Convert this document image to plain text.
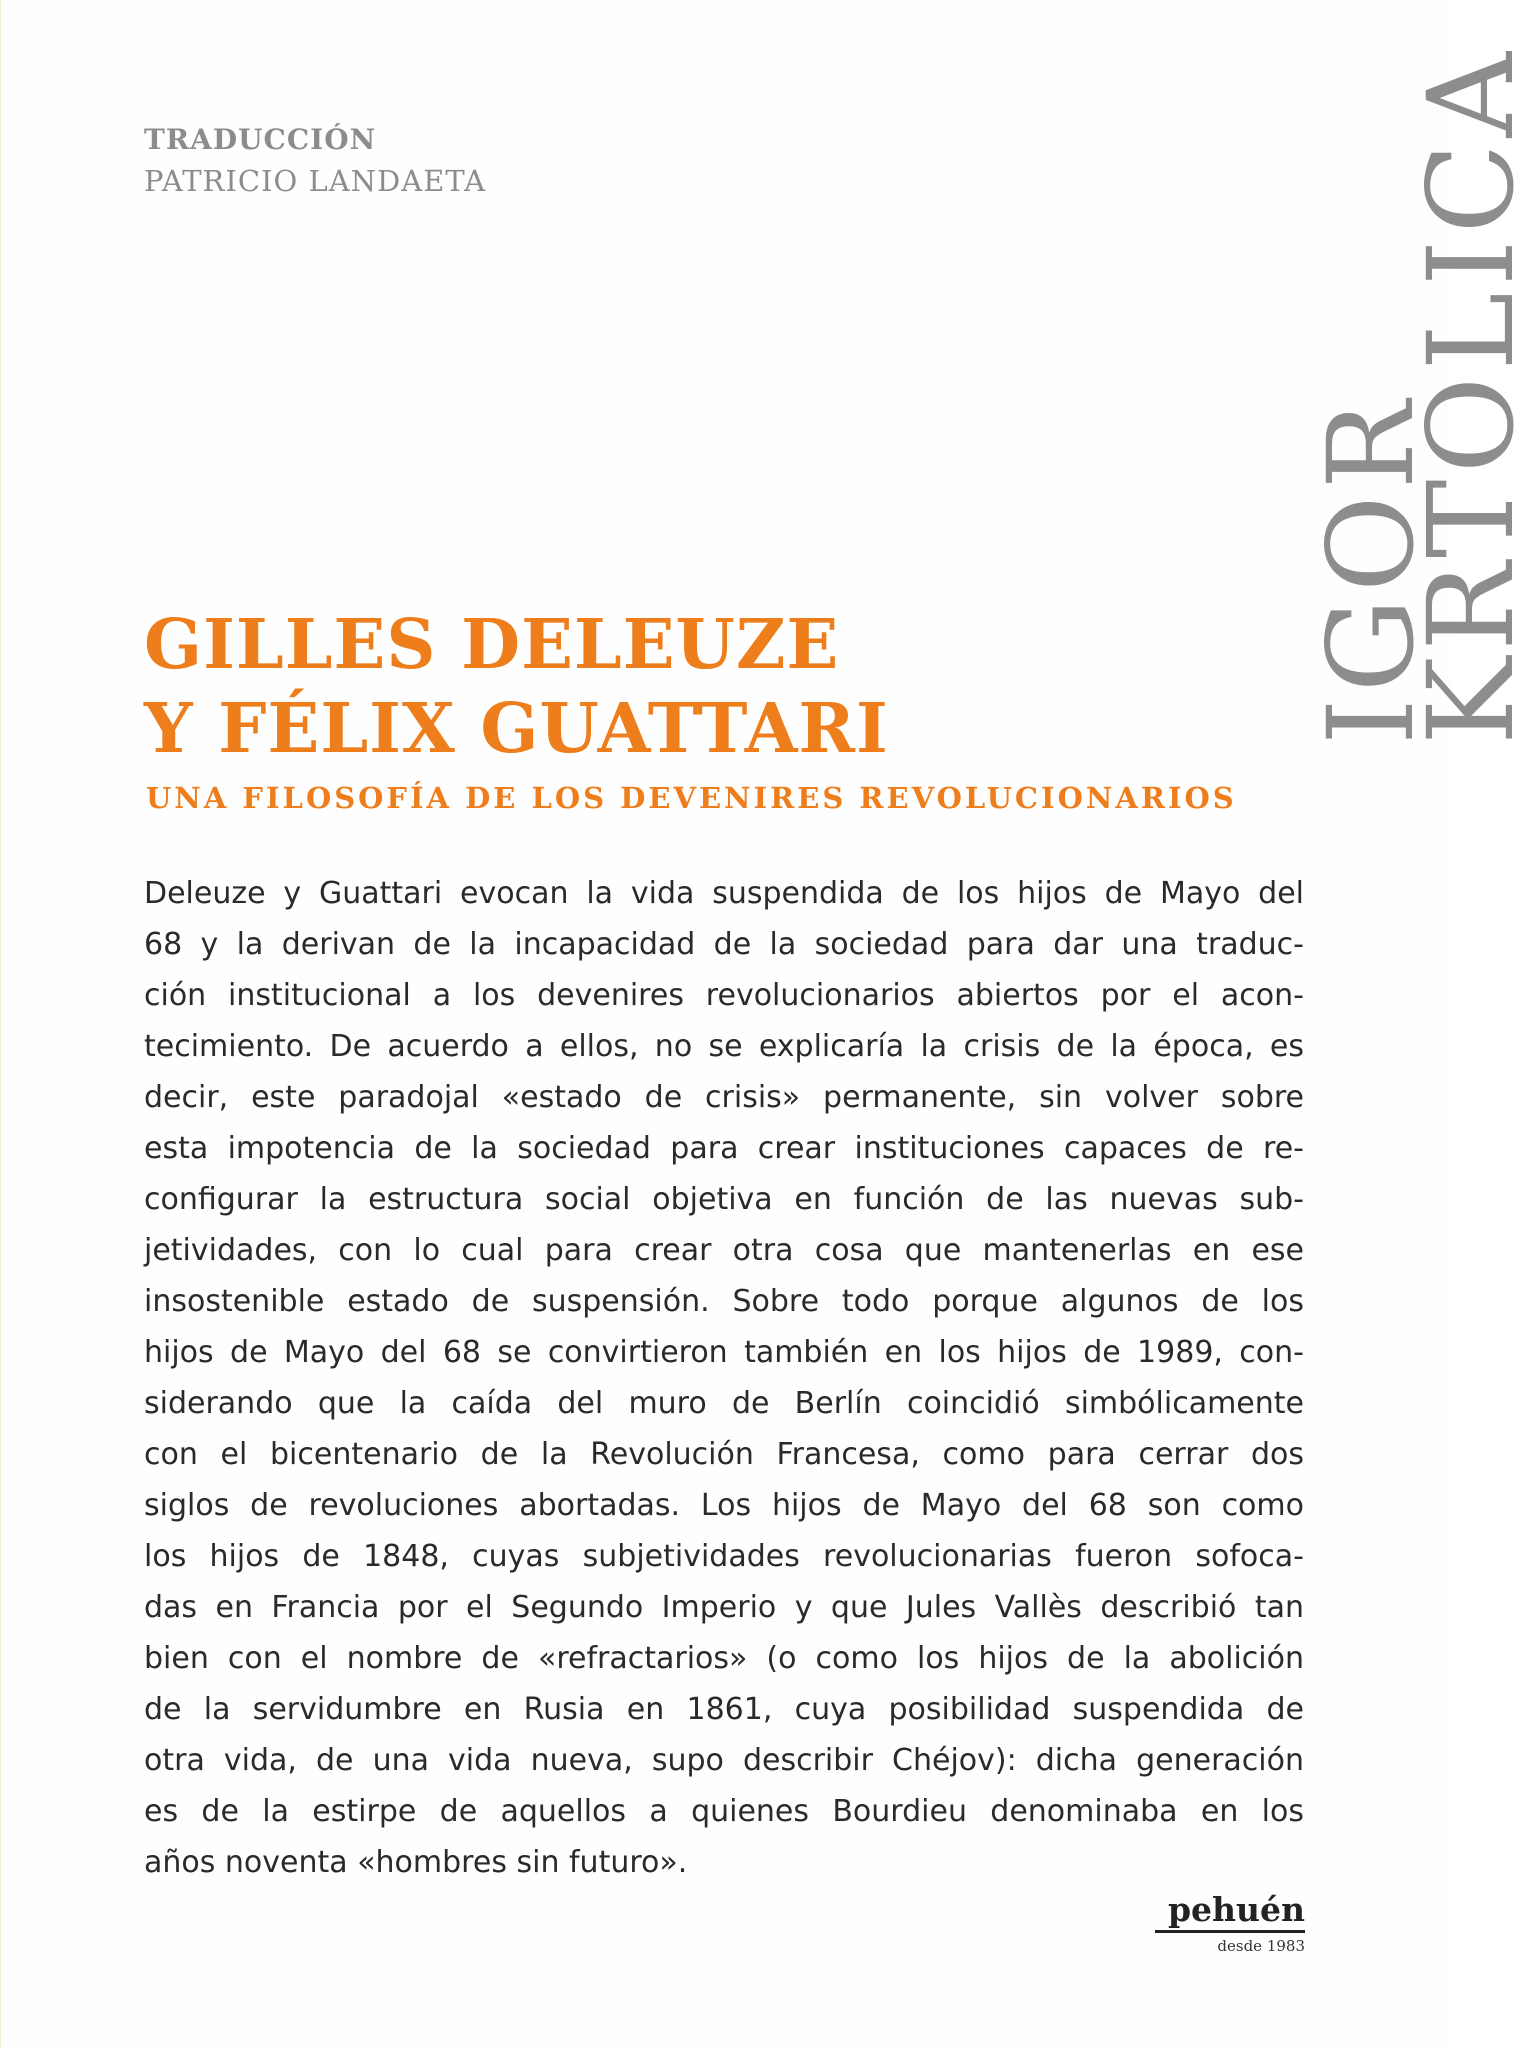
TRADUCCIÓN
PATRICIO LANDAETA
IGOR
KRTOLICA
GILLES DELEUZE
Y FÉLIX GUATTARI
UNA FILOSOFÍA DE LOS DEVENIRES REVOLUCIONARIOS
Deleuze y Guattari evocan la vida suspendida de los hijos de Mayo del
68 y la derivan de la incapacidad de la sociedad para dar una traduc-
ción institucional a los devenires revolucionarios abiertos por el acon-
tecimiento. De acuerdo a ellos, no se explicaría la crisis de la época, es
decir, este paradojal «estado de crisis» permanente, sin volver sobre
esta impotencia de la sociedad para crear instituciones capaces de re-
configurar la estructura social objetiva en función de las nuevas sub-
jetividades, con lo cual para crear otra cosa que mantenerlas en ese
insostenible estado de suspensión. Sobre todo porque algunos de los
hijos de Mayo del 68 se convirtieron también en los hijos de 1989, con-
siderando que la caída del muro de Berlín coincidió simbólicamente
con el bicentenario de la Revolución Francesa, como para cerrar dos
siglos de revoluciones abortadas. Los hijos de Mayo del 68 son como
los hijos de 1848, cuyas subjetividades revolucionarias fueron sofoca-
das en Francia por el Segundo Imperio y que Jules Vallès describió tan
bien con el nombre de «refractarios» (o como los hijos de la abolición
de la servidumbre en Rusia en 1861, cuya posibilidad suspendida de
otra vida, de una vida nueva, supo describir Chéjov): dicha generación
es de la estirpe de aquellos a quienes Bourdieu denominaba en los
años noventa «hombres sin futuro».
pehuén
desde 1983
